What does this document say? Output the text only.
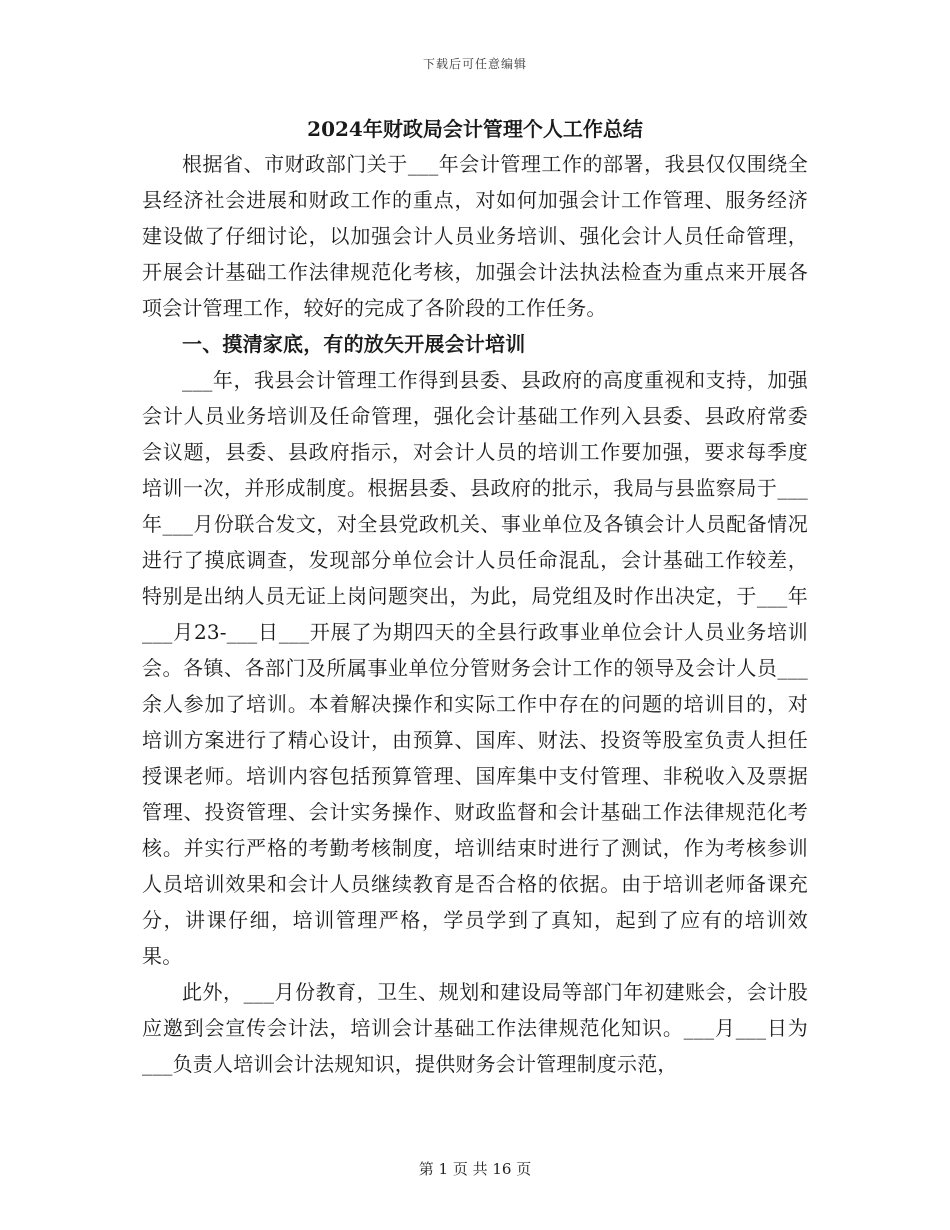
下载后可任意编辑
2024年财政局会计管理个人工作总结

根据省、市财政部门关于___年会计管理工作的部署，我县仅仅围绕全县经济社会进展和财政工作的重点，对如何加强会计工作管理、服务经济建设做了仔细讨论，以加强会计人员业务培训、强化会计人员任命管理，开展会计基础工作法律规范化考核，加强会计法执法检查为重点来开展各项会计管理工作，较好的完成了各阶段的工作任务。

一、摸清家底，有的放矢开展会计培训

___年，我县会计管理工作得到县委、县政府的高度重视和支持，加强会计人员业务培训及任命管理，强化会计基础工作列入县委、县政府常委会议题，县委、县政府指示，对会计人员的培训工作要加强，要求每季度培训一次，并形成制度。根据县委、县政府的批示，我局与县监察局于___年___月份联合发文，对全县党政机关、事业单位及各镇会计人员配备情况进行了摸底调查，发现部分单位会计人员任命混乱，会计基础工作较差，特别是出纳人员无证上岗问题突出，为此，局党组及时作出决定，于___年___月23-___日___开展了为期四天的全县行政事业单位会计人员业务培训会。各镇、各部门及所属事业单位分管财务会计工作的领导及会计人员___余人参加了培训。本着解决操作和实际工作中存在的问题的培训目的，对培训方案进行了精心设计，由预算、国库、财法、投资等股室负责人担任授课老师。培训内容包括预算管理、国库集中支付管理、非税收入及票据管理、投资管理、会计实务操作、财政监督和会计基础工作法律规范化考核。并实行严格的考勤考核制度，培训结束时进行了测试，作为考核参训人员培训效果和会计人员继续教育是否合格的依据。由于培训老师备课充分，讲课仔细，培训管理严格，学员学到了真知，起到了应有的培训效果。

此外，___月份教育，卫生、规划和建设局等部门年初建账会，会计股应邀到会宣传会计法，培训会计基础工作法律规范化知识。___月___日为___负责人培训会计法规知识，提供财务会计管理制度示范，

第 1 页 共 16 页
